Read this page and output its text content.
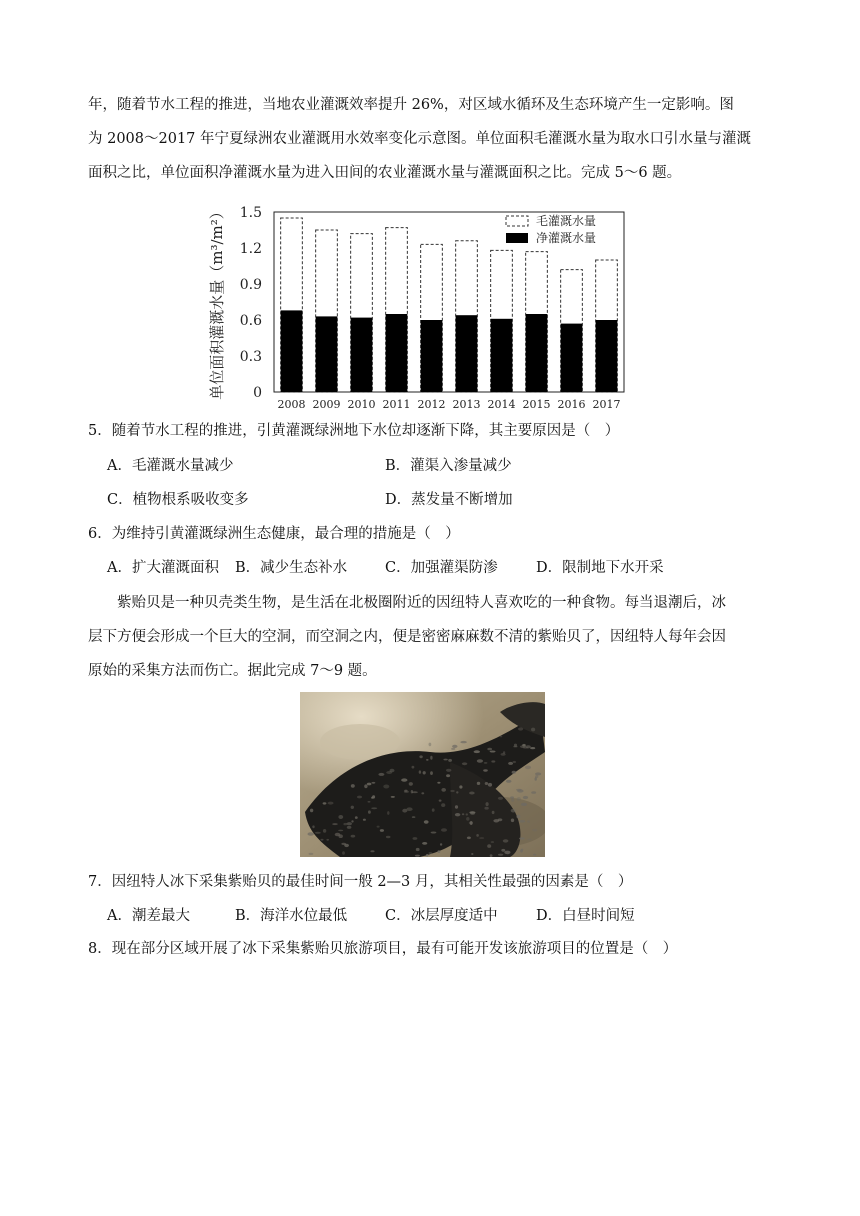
年，随着节水工程的推进，当地农业灌溉效率提升 26%，对区域水循环及生态环境产生一定影响。图

为 2008～2017 年宁夏绿洲农业灌溉用水效率变化示意图。单位面积毛灌溉水量为取水口引水量与灌溉

面积之比，单位面积净灌溉水量为进入田间的农业灌溉水量与灌溉面积之比。完成 5～6 题。

单位面积灌溉水量（m³/m²） 0
0.3
0.6
0.9
1.2
1.5
2008 2009 2010 2011 2012 2013 2014 2015 2016 2017
毛灌溉水量
净灌溉水量
5．随着节水工程的推进，引黄灌溉绿洲地下水位却逐渐下降，其主要原因是（　）
A．毛灌溉水量减少	B．灌渠入渗量减少
C．植物根系吸收变多	D．蒸发量不断增加
6．为维持引黄灌溉绿洲生态健康，最合理的措施是（　）
A．扩大灌溉面积 B．减少生态补水	C．加强灌渠防渗	D．限制地下水开采

紫贻贝是一种贝壳类生物，是生活在北极圈附近的因纽特人喜欢吃的一种食物。每当退潮后，冰

层下方便会形成一个巨大的空洞，而空洞之内，便是密密麻麻数不清的紫贻贝了，因纽特人每年会因

原始的采集方法而伤亡。据此完成 7～9 题。

7．因纽特人冰下采集紫贻贝的最佳时间一般 2—3 月，其相关性最强的因素是（　）
A．潮差最大	B．海洋水位最低	C．冰层厚度适中	D．白昼时间短
8．现在部分区域开展了冰下采集紫贻贝旅游项目，最有可能开发该旅游项目的位置是（　）
